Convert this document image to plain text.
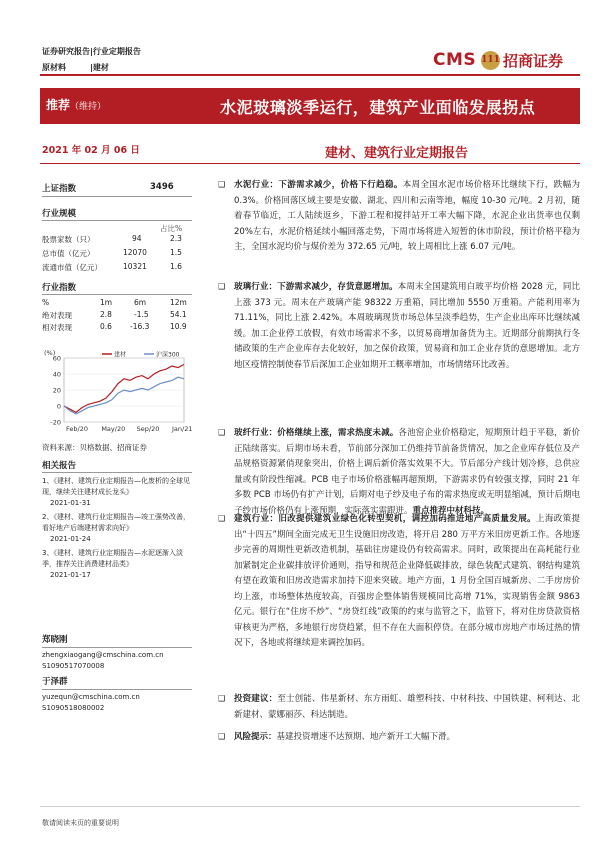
证券研究报告|行业定期报告
原材料	|建材	CMS 111 招商证券
推荐（维持）	水泥玻璃淡季运行，建筑产业面临发展拐点
2021 年 02 月 06 日	建材、建筑行业定期报告
上证指数	3496
行业规模
占比%
股票家数（只）	94	2.3
总市值（亿元）	12070	1.5
流通市值（亿元）	10321	1.6
行业指数
%	1m	6m	12m
绝对表现	2.8	-1.5	54.1
相对表现	0.6 -16.3	10.9
60
40
20
0
-20
(%)
Feb/20 May/20 Sep/20 Jan/21
建材	沪深300
资料来源：贝格数据、招商证券
相关报告
1、《建材、建筑行业定期报告—化废析的全球见现，继续关注建材成长龙头》
2021-01-31
2、《建材、建筑行业定期报告—竣工强势改善，看好地产后端建材需求向好》
2021-01-24
3、《建材、建筑行业定期报告—水泥逐渐入淡季，推荐关注消费建材品类》
2021-01-17
郑晓刚
zhengxiaogang@cmschina.com.cn
S1090517070008
于泽群
yuzequn@cmschina.com.cn
S1090518080002
❑ 水泥行业：下游需求减少，价格下行趋稳。本周全国水泥市场价格环比继续下行，跌幅为 0.3%。价格回落区域主要是安徽、湖北、四川和云南等地，幅度 10-30 元/吨。2 月初，随着春节临近，工人陆续返乡，下游工程和搅拌站开工率大幅下降，水泥企业出货率也仅剩 20%左右，水泥价格延续小幅回落走势，下周市场将进入短暂的休市阶段，预计价格平稳为主，全国水泥均价与煤价差为 372.65 元/吨，较上周相比上涨 6.07 元/吨。
❑ 玻璃行业：下游需求减少，存货意愿增加。本周末全国建筑用白玻平均价格 2028 元，同比上涨 373 元。周末在产玻璃产能 98322 万重箱，同比增加 5550 万重箱。产能利用率为 71.11%，同比上涨 2.42%。本周玻璃现货市场总体呈淡季趋势，生产企业出库环比继续减缓。加工企业停工放假，有效市场需求不多，以贸易商增加备货为主。近期部分前期执行冬储政策的生产企业库存去化较好，加之保价政策，贸易商和加工企业存货的意愿增加。北方地区疫情控制使春节后深加工企业如期开工概率增加，市场情绪环比改善。
❑ 玻纤行业：价格继续上涨，需求热度未减。各池窑企业价格稳定，短期预计趋于平稳，新价正陆续落实。后期市场未看，节前部分深加工仍维持节前备货情况，加之企业库存低位及产品规格资源紧俏现象突出，价格上调后新价落实效果不大。节后部分产线计划冷修，总供应量或有阶段性缩减。PCB 电子市场价格涨幅再超预期，下游需求仍有较强支撑，同时 21 年多数 PCB 市场仍有扩产计划，后期对电子纱及电子布的需求热度或无明显缩减，预计后期电子纱市场价格仍有上涨预期，实际落实需跟进。重点推荐中材科技。
❑ 建筑行业：旧改提供建筑业绿色化转型契机，调控加码推进地产高质量发展。上海政策提出“十四五”期间全面完成无卫生设施旧房改造，将开启 280 万平方米旧房更新工作。各地逐步完善的周期性更新改造机制，基础往房建设仍有较高需求。同时，政策提出在高耗能行业加紧制定企业碳排放评价通则，指导和规范企业降低碳排放，绿色装配式建筑、钢结构建筑有望在政策和旧房改造需求加持下迎来突破。地产方面，1 月份全国百城新房、二手房房价均上涨，市场整体热度较高，百强房企整体销售规模同比高增 71%，实现销售金额 9863 亿元。银行在“住房不炒”、“房贷红线”政策的约束与监管之下，监管下，将对住房贷款资格审核更为严格，多地银行房贷趋紧，但不存在大面积停贷。在部分城市房地产市场过热的情况下，各地或将继续迎来调控加码。
❑ 投资建议：至士创能、伟星新材、东方雨虹、雄塑科技、中材科技、中国铁建、柯利达、北新建材、蒙娜丽莎、科达制造。
❑ 风险提示：基建投资增速不达预期、地产新开工大幅下滑。
敬请阅读末页的重要说明
